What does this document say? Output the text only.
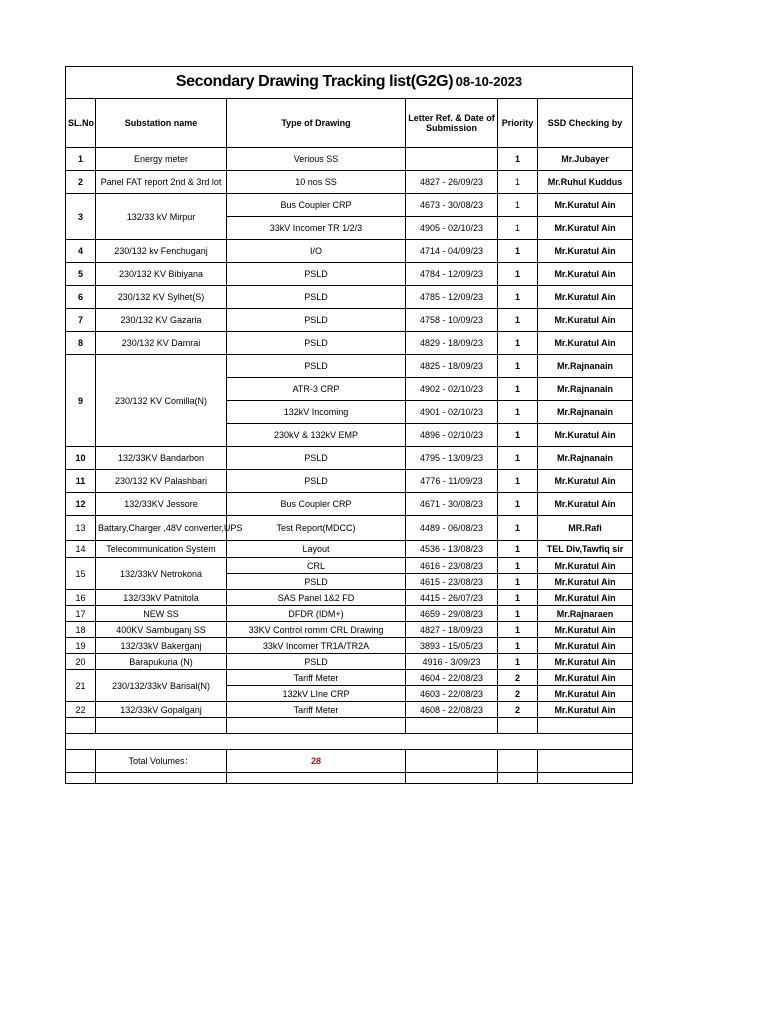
Secondary Drawing Tracking list(G2G) 08-10-2023					
SL.No	Substation name	Type of Drawing	Letter Ref. & Date of Submission	Priority	SSD Checking by
1	Energy meter	Verious SS		1	Mr.Jubayer
2	Panel FAT report 2nd & 3rd lot	10 nos SS	4827 - 26/09/23	1	Mr.Ruhul Kuddus
3	132/33 kV Mirpur	Bus Coupler CRP	4673 - 30/08/23	1	Mr.Kuratul Ain
		33kV Incomer TR 1/2/3	4905 - 02/10/23	1	Mr.Kuratul Ain
4	230/132 kv Fenchuganj	I/O	4714 - 04/09/23	1	Mr.Kuratul Ain
5	230/132 KV Bibiyana	PSLD	4784 - 12/09/23	1	Mr.Kuratul Ain
6	230/132 KV Sylhet(S)	PSLD	4785 - 12/09/23	1	Mr.Kuratul Ain
7	230/132 KV Gazaria	PSLD	4758 - 10/09/23	1	Mr.Kuratul Ain
8	230/132 KV Damrai	PSLD	4829 - 18/09/23	1	Mr.Kuratul Ain
9	230/132 KV Comilla(N)	PSLD	4825 - 18/09/23	1	Mr.Rajnanain
		ATR-3 CRP	4902 - 02/10/23	1	Mr.Rajnanain
		132kV Incoming	4901 - 02/10/23	1	Mr.Rajnanain
		230kV & 132kV EMP	4896 - 02/10/23	1	Mr.Kuratul Ain
10	132/33KV Bandarbon	PSLD	4795 - 13/09/23	1	Mr.Rajnanain
11	230/132 KV Palashbari	PSLD	4776 - 11/09/23	1	Mr.Kuratul Ain
12	132/33KV Jessore	Bus Coupler CRP	4671 - 30/08/23	1	Mr.Kuratul Ain
13	Battary,Charger ,48V converter,UPS	Test Report(MDCC)	4489 - 06/08/23	1	MR.Rafi
14	Telecommunication System	Layout	4536 - 13/08/23	1	TEL Div,Tawfiq sir
15	132/33kV Netrokona	CRL	4616 - 23/08/23	1	Mr.Kuratul Ain
		PSLD	4615 - 23/08/23	1	Mr.Kuratul Ain
16	132/33kV Patnitola	SAS Panel 1&2 FD	4415 - 26/07/23	1	Mr.Kuratul Ain
17	NEW SS	DFDR (IDM+)	4659 - 29/08/23	1	Mr.Rajnaraen
18	400KV Sambuganj SS	33KV Control romm CRL Drawing	4827 - 18/09/23	1	Mr.Kuratul Ain
19	132/33kV Bakerganj	33kV Incomer TR1A/TR2A	3893 - 15/05/23	1	Mr.Kuratul Ain
20	Barapukuria (N)	PSLD	4916 - 3/09/23	1	Mr.Kuratul Ain
21	230/132/33kV Barisal(N)	Tariff Meter	4604 - 22/08/23	2	Mr.Kuratul Ain
		132kV LIne CRP	4603 - 22/08/23	2	Mr.Kuratul Ain
22	132/33kV Gopalganj	Tariff Meter	4608 - 22/08/23	2	Mr.Kuratul Ain

	Total Volumes：	28			
